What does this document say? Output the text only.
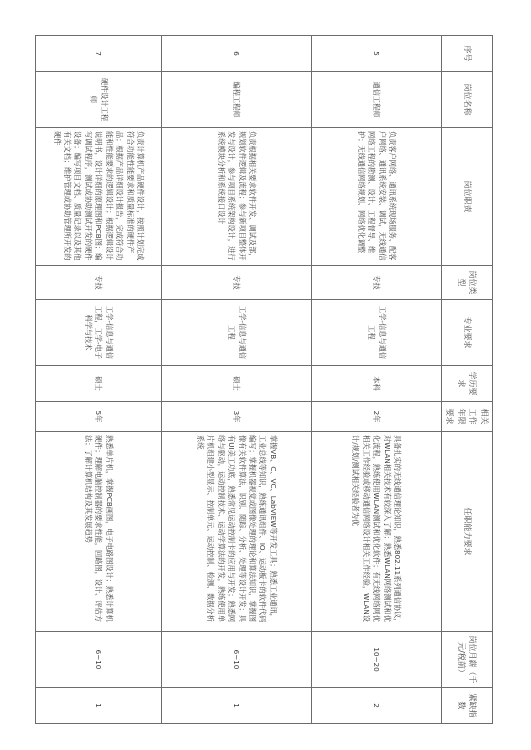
序号	岗位名称	岗位职责	岗位类型	专业要求	学历要求	相关工作年限要求	任职能力要求	岗位月薪（千元/税前）	紧缺指数
5	通信工程师	负责客户网络、通讯系统现场服务、配客户网络、通讯系统安装、调试，无线通信网络工程的勘测、设计、工程督导、维护；无线通信网络规划、网络优化调整	专技	工学-信息与通信工程	本科	2年	具备扎实的无线通信理论知识，熟悉802.11系列通信协议，对WLAN相关技术有较深入了解；熟悉WLAN网络测试和优化流程，熟练使用WLAN测试和优化软件；有无线网络网优相关工作经验或移动通信网络设计相关工作经验，WLAN设计/规划/测试相关经验者为优	10~20	2
6	编程工程师	负责根据相关要求软件开发、调试及部，规划软件逻辑及流程；参与新项目整体开发与设计，参与项目系统架构设计，进行系统模块分析和系统接口设计	专技	工学-信息与通信工程	硕士	3年	掌握VB、C、VC、LabVIEW等开发工具；熟悉工业通讯，工业总线等知识，熟练通讯组件、IO、运动板卡的软件代码编写；掌握机器视觉或图像处理的理论和算法知识，掌握图像有关软件算法，识别、随踪、分析、处理等设计开发；具有UI美工功底，熟悉常见运动控制卡的应用与开发；熟悉网络与驱动，运动控制技术、运动学算法的开发，熟练使用单片机组建小型显示、控制单元、运动控制、检测、数据分析系统	6~10	1
7	硬件设计工程师	负责计算机产品硬件设计，按照计划完成符合功能性能要求和质量标准的硬件产品；根据产品详细设计报告，完成符合功能和性能要求的逻辑设计；根据逻辑设计说明书，设计详细的原理图和PCB图；编写调试程序，测试或协助测试开发的硬件设备；编写项目文档、质量记录以及其他有关文档；维护管理或协助管理所开发的硬件	专技	工学-信息与通信工程，工学-电子科学与技术	硕士	5年	熟悉单片机，掌握PCB画图，电子电路图设计；熟悉计算机硬件；理解电脑控制器的要求性能，回路图，设计、评估方法；了解计算机结构及其发展趋势	6~10	1
